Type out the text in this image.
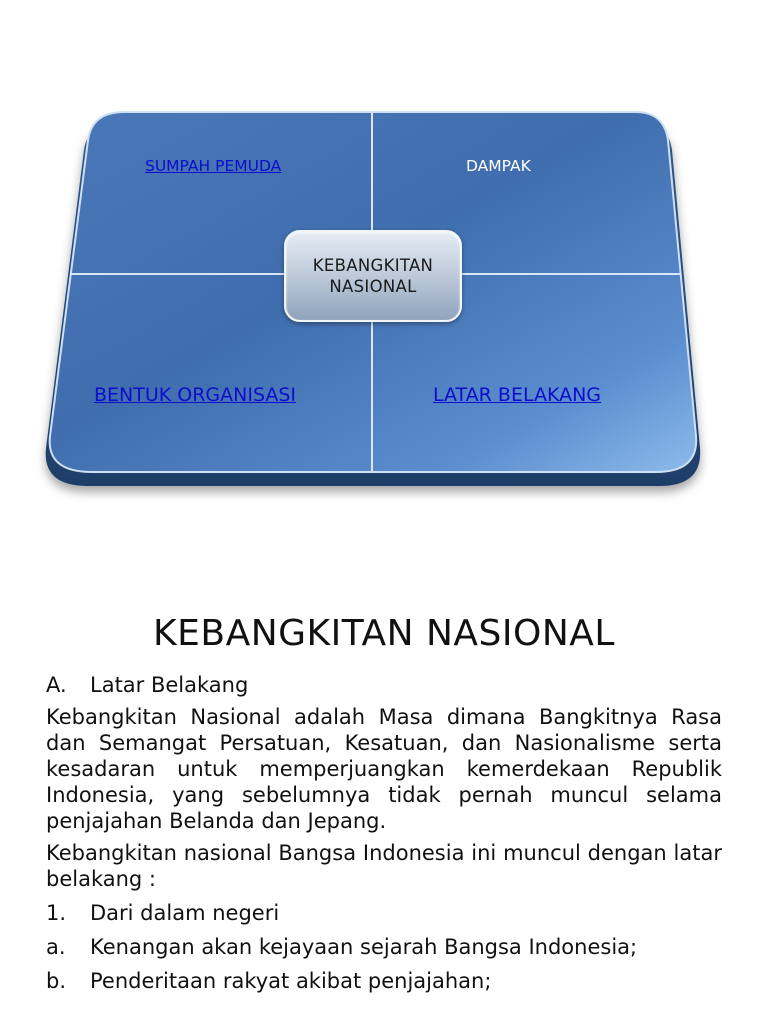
SUMPAH PEMUDA	DAMPAK
KEBANGKITAN
NASIONAL
BENTUK ORGANISASI	LATAR BELAKANG
KEBANGKITAN NASIONAL
A.	Latar Belakang
Kebangkitan Nasional adalah Masa dimana Bangkitnya Rasa dan Semangat Persatuan, Kesatuan, dan Nasionalisme serta kesadaran untuk memperjuangkan kemerdekaan Republik Indonesia, yang sebelumnya tidak pernah muncul selama penjajahan Belanda dan Jepang.
Kebangkitan nasional Bangsa Indonesia ini muncul dengan latar belakang :
1.	Dari dalam negeri
a.	Kenangan akan kejayaan sejarah Bangsa Indonesia;
b.	Penderitaan rakyat akibat penjajahan;
